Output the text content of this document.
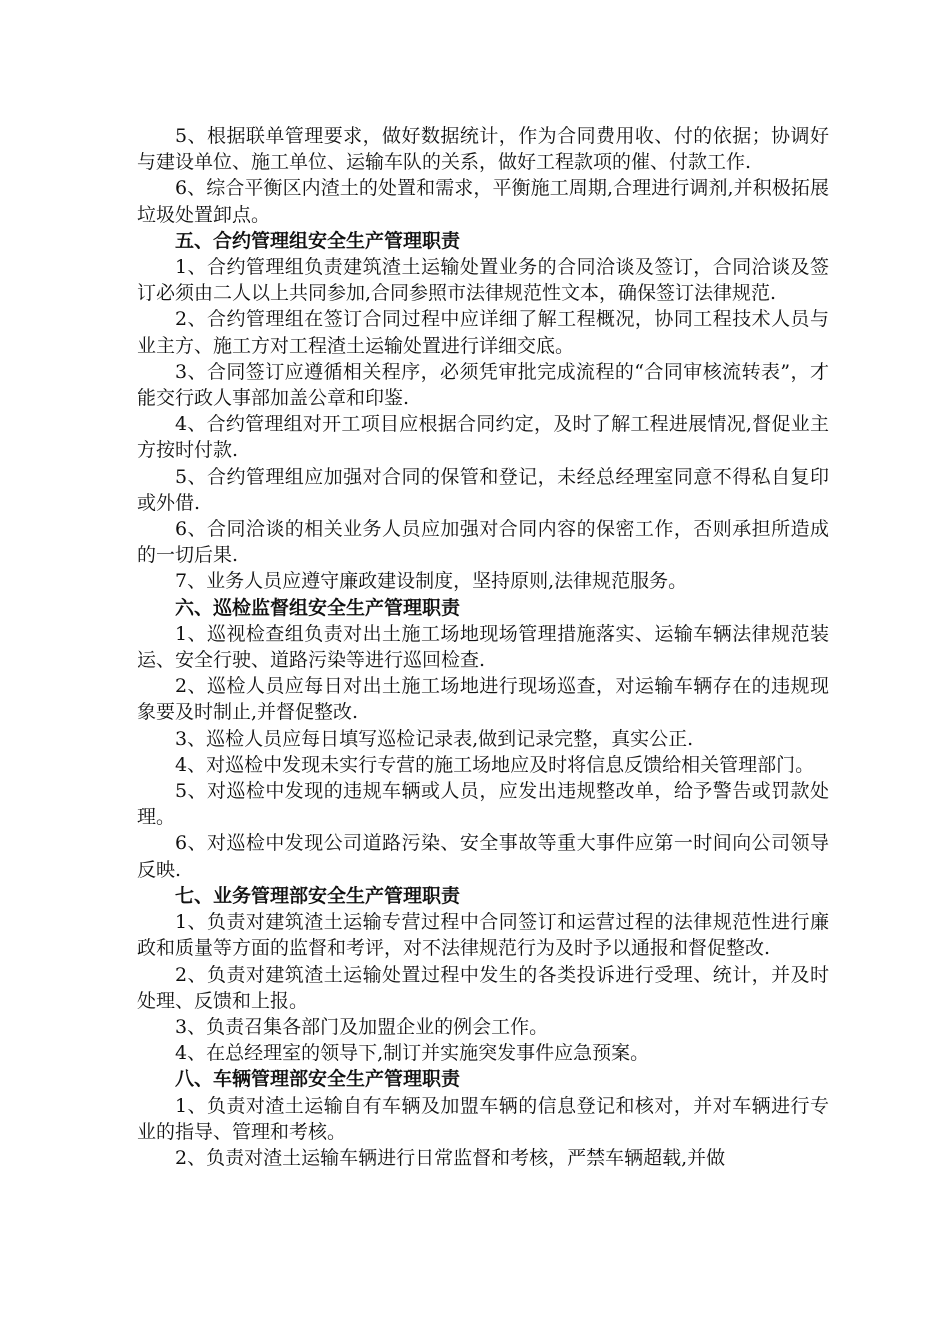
5、根据联单管理要求，做好数据统计，作为合同费用收、付的依据；协调好与建设单位、施工单位、运输车队的关系，做好工程款项的催、付款工作.

6、综合平衡区内渣土的处置和需求，平衡施工周期,合理进行调剂,并积极拓展垃圾处置卸点。

五、合约管理组安全生产管理职责

1、合约管理组负责建筑渣土运输处置业务的合同洽谈及签订，合同洽谈及签订必须由二人以上共同参加,合同参照市法律规范性文本，确保签订法律规范.

2、合约管理组在签订合同过程中应详细了解工程概况，协同工程技术人员与业主方、施工方对工程渣土运输处置进行详细交底。

3、合同签订应遵循相关程序，必须凭审批完成流程的“合同审核流转表”，才能交行政人事部加盖公章和印鉴.

4、合约管理组对开工项目应根据合同约定，及时了解工程进展情况,督促业主方按时付款.

5、合约管理组应加强对合同的保管和登记，未经总经理室同意不得私自复印或外借.

6、合同洽谈的相关业务人员应加强对合同内容的保密工作，否则承担所造成的一切后果.

7、业务人员应遵守廉政建设制度，坚持原则,法律规范服务。

六、巡检监督组安全生产管理职责

1、巡视检查组负责对出土施工场地现场管理措施落实、运输车辆法律规范装运、安全行驶、道路污染等进行巡回检查.

2、巡检人员应每日对出土施工场地进行现场巡查，对运输车辆存在的违规现象要及时制止,并督促整改.

3、巡检人员应每日填写巡检记录表,做到记录完整，真实公正.

4、对巡检中发现未实行专营的施工场地应及时将信息反馈给相关管理部门。

5、对巡检中发现的违规车辆或人员，应发出违规整改单，给予警告或罚款处理。

6、对巡检中发现公司道路污染、安全事故等重大事件应第一时间向公司领导反映.

七、业务管理部安全生产管理职责

1、负责对建筑渣土运输专营过程中合同签订和运营过程的法律规范性进行廉政和质量等方面的监督和考评，对不法律规范行为及时予以通报和督促整改.

2、负责对建筑渣土运输处置过程中发生的各类投诉进行受理、统计，并及时处理、反馈和上报。

3、负责召集各部门及加盟企业的例会工作。

4、在总经理室的领导下,制订并实施突发事件应急预案。

八、车辆管理部安全生产管理职责

1、负责对渣土运输自有车辆及加盟车辆的信息登记和核对，并对车辆进行专业的指导、管理和考核。

2、负责对渣土运输车辆进行日常监督和考核，严禁车辆超载,并做
